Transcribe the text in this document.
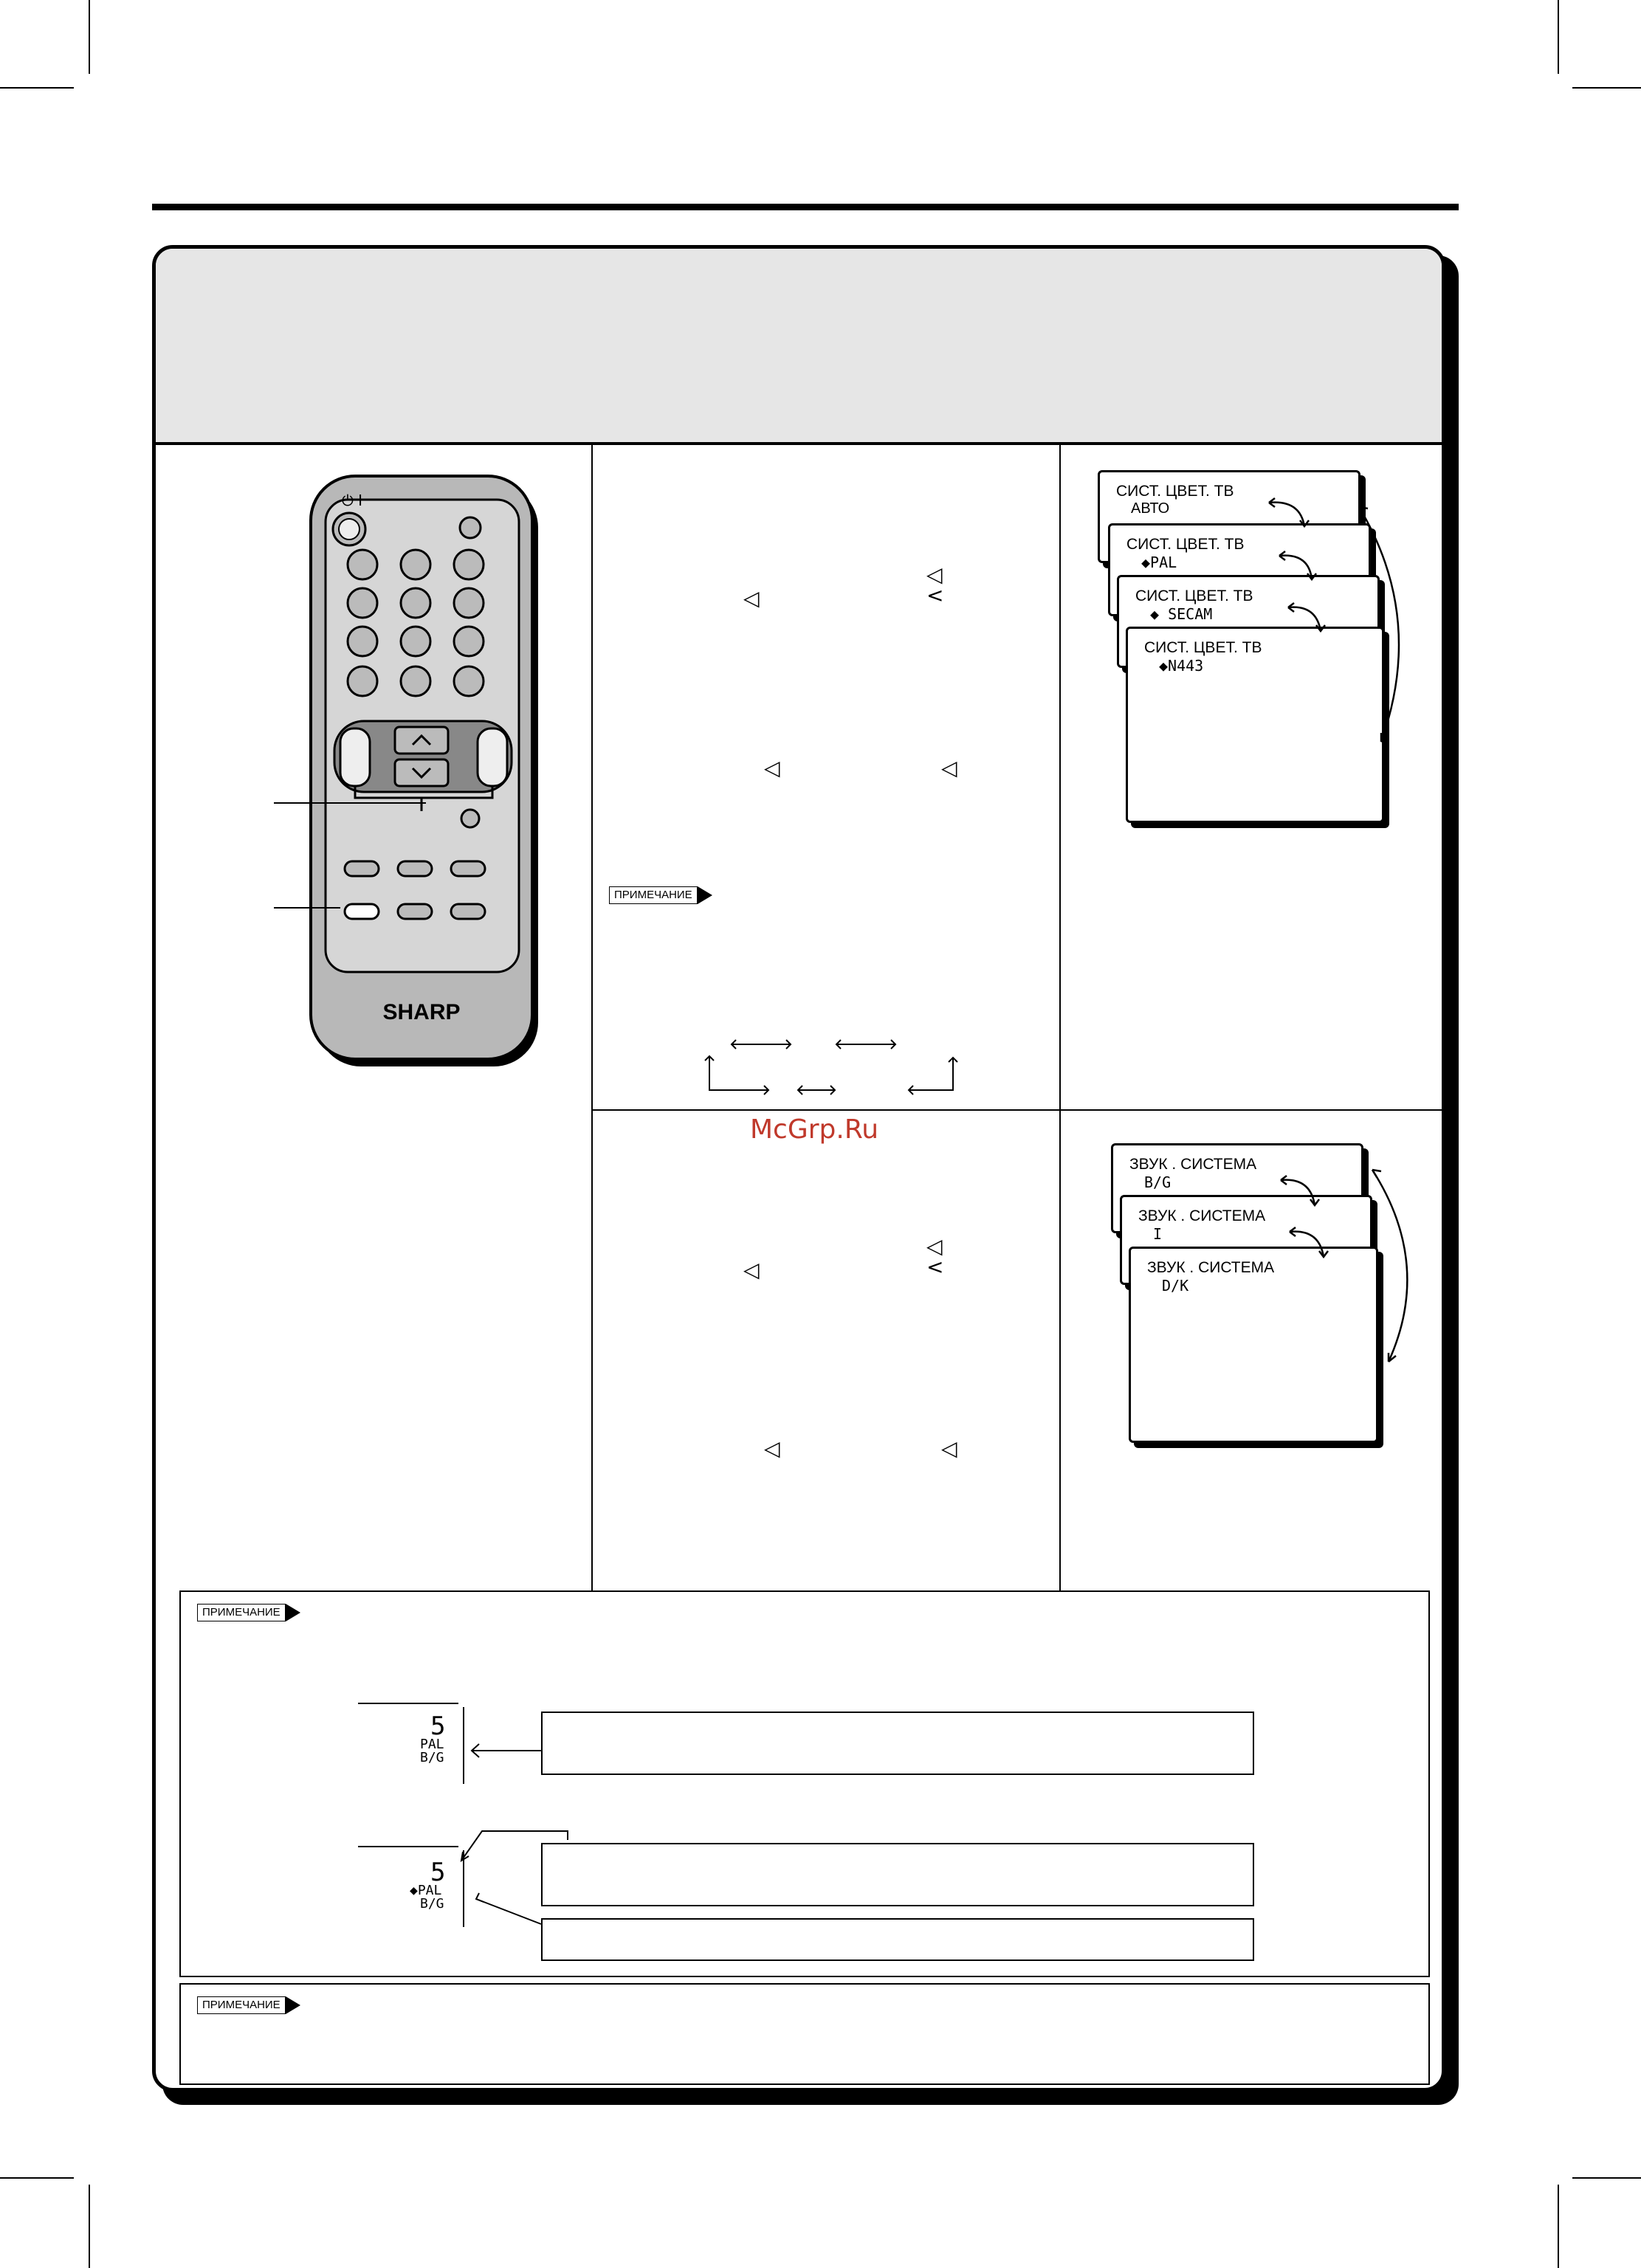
⏻ I
SHARP
◁
<
◁
◁	◁
ПРИМЕЧАНИЕ
◁
<
◁
◁	◁
СИСТ. ЦВЕТ. ТВ
АВТО
СИСТ. ЦВЕТ. ТВ
◆PAL
СИСТ. ЦВЕТ. ТВ
◆ SECAM
СИСТ. ЦВЕТ. ТВ
◆N443
ЗВУК . СИСТЕМА
B/G
ЗВУК . СИСТЕМА
I
ЗВУК . СИСТЕМА
D/K
ПРИМЕЧАНИЕ
5
PAL
B/G
5
◆PAL
B/G
ПРИМЕЧАНИЕ
McGrp.Ru
